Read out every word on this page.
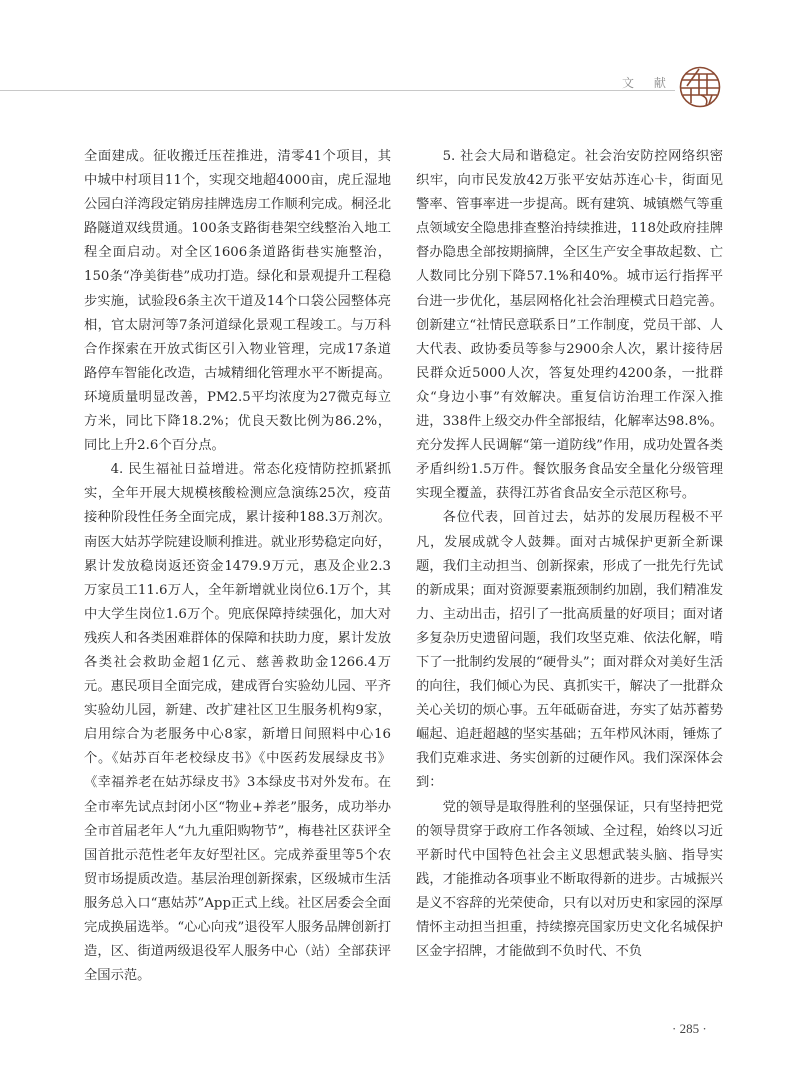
文 献

全面建成。征收搬迁压茬推进，清零41个项目，其中城中村项目11个，实现交地超4000亩，虎丘湿地公园白洋湾段定销房挂牌选房工作顺利完成。桐泾北路隧道双线贯通。100条支路街巷架空线整治入地工程全面启动。对全区1606条道路街巷实施整治，150条“净美街巷”成功打造。绿化和景观提升工程稳步实施，试验段6条主次干道及14个口袋公园整体亮相，官太尉河等7条河道绿化景观工程竣工。与万科合作探索在开放式街区引入物业管理，完成17条道路停车智能化改造，古城精细化管理水平不断提高。环境质量明显改善，PM2.5平均浓度为27微克每立方米，同比下降18.2%；优良天数比例为86.2%，同比上升2.6个百分点。

4. 民生福祉日益增进。常态化疫情防控抓紧抓实，全年开展大规模核酸检测应急演练25次，疫苗接种阶段性任务全面完成，累计接种188.3万剂次。南医大姑苏学院建设顺利推进。就业形势稳定向好，累计发放稳岗返还资金1479.9万元，惠及企业2.3万家员工11.6万人，全年新增就业岗位6.1万个，其中大学生岗位1.6万个。兜底保障持续强化，加大对残疾人和各类困难群体的保障和扶助力度，累计发放各类社会救助金超1亿元、慈善救助金1266.4万元。惠民项目全面完成，建成胥台实验幼儿园、平齐实验幼儿园，新建、改扩建社区卫生服务机构9家，启用综合为老服务中心8家，新增日间照料中心16个。《姑苏百年老校绿皮书》《中医药发展绿皮书》《幸福养老在姑苏绿皮书》3本绿皮书对外发布。在全市率先试点封闭小区“物业+养老”服务，成功举办全市首届老年人“九九重阳购物节”，梅巷社区获评全国首批示范性老年友好型社区。完成养蚕里等5个农贸市场提质改造。基层治理创新探索，区级城市生活服务总入口“惠姑苏”App正式上线。社区居委会全面完成换届选举。“心心向戎”退役军人服务品牌创新打造，区、街道两级退役军人服务中心（站）全部获评全国示范。

5. 社会大局和谐稳定。社会治安防控网络织密织牢，向市民发放42万张平安姑苏连心卡，街面见警率、管事率进一步提高。既有建筑、城镇燃气等重点领域安全隐患排查整治持续推进，118处政府挂牌督办隐患全部按期摘牌，全区生产安全事故起数、亡人数同比分别下降57.1%和40%。城市运行指挥平台进一步优化，基层网格化社会治理模式日趋完善。创新建立“社情民意联系日”工作制度，党员干部、人大代表、政协委员等参与2900余人次，累计接待居民群众近5000人次，答复处理约4200条，一批群众“身边小事”有效解决。重复信访治理工作深入推进，338件上级交办件全部报结，化解率达98.8%。充分发挥人民调解“第一道防线”作用，成功处置各类矛盾纠纷1.5万件。餐饮服务食品安全量化分级管理实现全覆盖，获得江苏省食品安全示范区称号。

各位代表，回首过去，姑苏的发展历程极不平凡，发展成就令人鼓舞。面对古城保护更新全新课题，我们主动担当、创新探索，形成了一批先行先试的新成果；面对资源要素瓶颈制约加剧，我们精准发力、主动出击，招引了一批高质量的好项目；面对诸多复杂历史遗留问题，我们攻坚克难、依法化解，啃下了一批制约发展的“硬骨头”；面对群众对美好生活的向往，我们倾心为民、真抓实干，解决了一批群众关心关切的烦心事。五年砥砺奋进，夯实了姑苏蓄势崛起、追赶超越的坚实基础；五年栉风沐雨，锤炼了我们克难求进、务实创新的过硬作风。我们深深体会到：

党的领导是取得胜利的坚强保证，只有坚持把党的领导贯穿于政府工作各领域、全过程，始终以习近平新时代中国特色社会主义思想武装头脑、指导实践，才能推动各项事业不断取得新的进步。古城振兴是义不容辞的光荣使命，只有以对历史和家园的深厚情怀主动担当担重，持续擦亮国家历史文化名城保护区金字招牌，才能做到不负时代、不负

· 285 ·
